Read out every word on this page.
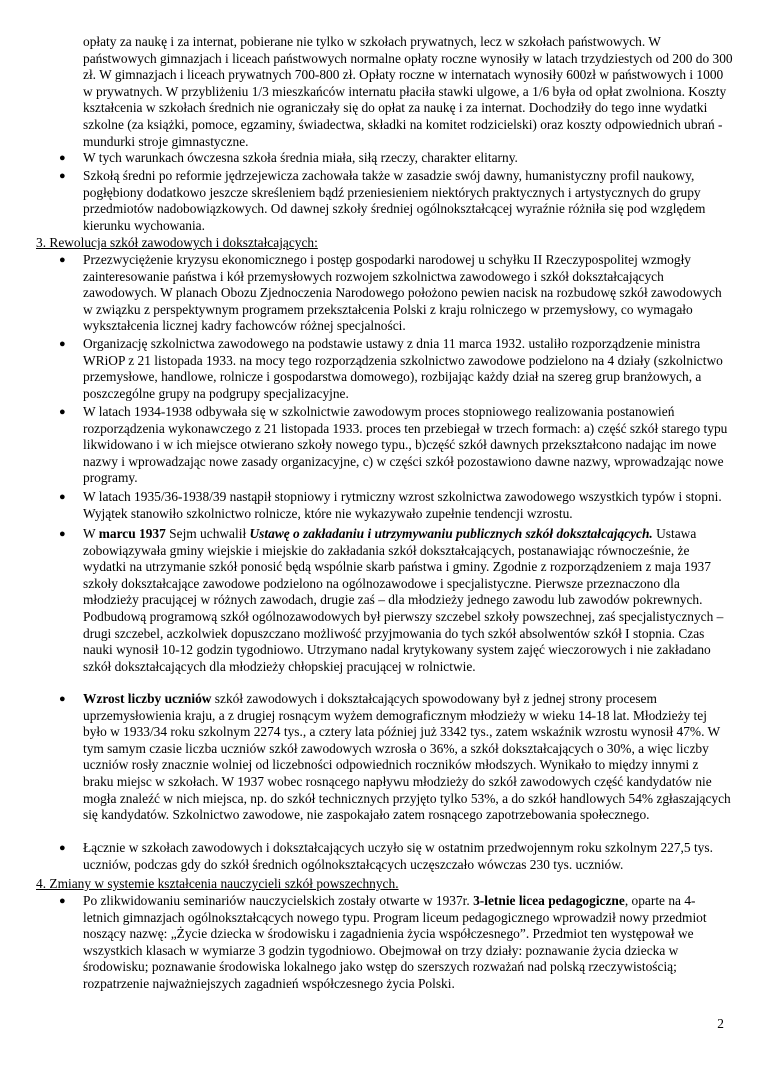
opłaty za naukę i za internat, pobierane nie tylko w szkołach prywatnych, lecz w szkołach państwowych. W państwowych gimnazjach i liceach państwowych normalne opłaty roczne wynosiły w latach trzydziestych od 200 do 300 zł. W gimnazjach i liceach prywatnych 700-800 zł. Opłaty roczne w internatach wynosiły 600zł w państwowych i 1000 w prywatnych. W przybliżeniu 1/3 mieszkańców internatu płaciła stawki ulgowe, a 1/6 była od opłat zwolniona. Koszty kształcenia w szkołach średnich nie ograniczały się do opłat za naukę i za internat. Dochodziły do tego inne wydatki szkolne (za książki, pomoce, egzaminy, świadectwa, składki na komitet rodzicielski) oraz koszty odpowiednich ubrań - mundurki stroje gimnastyczne.

● W tych warunkach ówczesna szkoła średnia miała, siłą rzeczy, charakter elitarny.

● Szkołą średni po reformie jędrzejewicza zachowała także w zasadzie swój dawny, humanistyczny profil naukowy, pogłębiony dodatkowo jeszcze skreśleniem bądź przeniesieniem niektórych praktycznych i artystycznych do grupy przedmiotów nadobowiązkowych. Od dawnej szkoły średniej ogólnokształcącej wyraźnie różniła się pod względem kierunku wychowania.

3. Rewolucja szkół zawodowych i dokształcających:

● Przezwyciężenie kryzysu ekonomicznego i postęp gospodarki narodowej u schyłku II Rzeczypospolitej wzmogły zainteresowanie państwa i kół przemysłowych rozwojem szkolnictwa zawodowego i szkół dokształcających zawodowych. W planach Obozu Zjednoczenia Narodowego położono pewien nacisk na rozbudowę szkół zawodowych w związku z perspektywnym programem przekształcenia Polski z kraju rolniczego w przemysłowy, co wymagało wykształcenia licznej kadry fachowców różnej specjalności.

● Organizację szkolnictwa zawodowego na podstawie ustawy z dnia 11 marca 1932. ustaliło rozporządzenie ministra WRiOP z 21 listopada 1933. na mocy tego rozporządzenia szkolnictwo zawodowe podzielono na 4 działy (szkolnictwo przemysłowe, handlowe, rolnicze i gospodarstwa domowego), rozbijając każdy dział na szereg grup branżowych, a poszczególne grupy na podgrupy specjalizacyjne.

● W latach 1934-1938 odbywała się w szkolnictwie zawodowym proces stopniowego realizowania postanowień rozporządzenia wykonawczego z 21 listopada 1933. proces ten przebiegał w trzech formach: a) część szkół starego typu likwidowano i w ich miejsce otwierano szkoły nowego typu., b)część szkół dawnych przekształcono nadając im nowe nazwy i wprowadzając nowe zasady organizacyjne, c) w części szkół pozostawiono dawne nazwy, wprowadzając nowe programy.

● W latach 1935/36-1938/39 nastąpił stopniowy i rytmiczny wzrost szkolnictwa zawodowego wszystkich typów i stopni. Wyjątek stanowiło szkolnictwo rolnicze, które nie wykazywało zupełnie tendencji wzrostu.

● W marcu 1937 Sejm uchwalił Ustawę o zakładaniu i utrzymywaniu publicznych szkół dokształcających. Ustawa zobowiązywała gminy wiejskie i miejskie do zakładania szkół dokształcających, postanawiając równocześnie, że wydatki na utrzymanie szkół ponosić będą wspólnie skarb państwa i gminy. Zgodnie z rozporządzeniem z maja 1937 szkoły dokształcające zawodowe podzielono na ogólnozawodowe i specjalistyczne. Pierwsze przeznaczono dla młodzieży pracującej w różnych zawodach, drugie zaś – dla młodzieży jednego zawodu lub zawodów pokrewnych. Podbudową programową szkół ogólnozawodowych był pierwszy szczebel szkoły powszechnej, zaś specjalistycznych – drugi szczebel, aczkolwiek dopuszczano możliwość przyjmowania do tych szkół absolwentów szkół I stopnia. Czas nauki wynosił 10-12 godzin tygodniowo. Utrzymano nadal krytykowany system zajęć wieczorowych i nie zakładano szkół dokształcających dla młodzieży chłopskiej pracującej w rolnictwie.

● Wzrost liczby uczniów szkół zawodowych i dokształcających spowodowany był z jednej strony procesem uprzemysłowienia kraju, a z drugiej rosnącym wyżem demograficznym młodzieży w wieku 14-18 lat. Młodzieży tej było w 1933/34 roku szkolnym 2274 tys., a cztery lata później już 3342 tys., zatem wskaźnik wzrostu wynosił 47%. W tym samym czasie liczba uczniów szkół zawodowych wzrosła o 36%, a szkół dokształcających o 30%, a więc liczby uczniów rosły znacznie wolniej od liczebności odpowiednich roczników młodszych. Wynikało to między innymi z braku miejsc w szkołach. W 1937 wobec rosnącego napływu młodzieży do szkół zawodowych część kandydatów nie mogła znaleźć w nich miejsca, np. do szkół technicznych przyjęto tylko 53%, a do szkół handlowych 54% zgłaszających się kandydatów. Szkolnictwo zawodowe, nie zaspokajało zatem rosnącego zapotrzebowania społecznego.

● Łącznie w szkołach zawodowych i dokształcających uczyło się w ostatnim przedwojennym roku szkolnym 227,5 tys. uczniów, podczas gdy do szkół średnich ogólnokształcących uczęszczało wówczas 230 tys. uczniów.

4. Zmiany w systemie kształcenia nauczycieli szkół powszechnych.

● Po zlikwidowaniu seminariów nauczycielskich zostały otwarte w 1937r. 3-letnie licea pedagogiczne, oparte na 4-letnich gimnazjach ogólnokształcących nowego typu. Program liceum pedagogicznego wprowadził nowy przedmiot noszący nazwę: „Życie dziecka w środowisku i zagadnienia życia współczesnego”. Przedmiot ten występował we wszystkich klasach w wymiarze 3 godzin tygodniowo. Obejmował on trzy działy: poznawanie życia dziecka w środowisku; poznawanie środowiska lokalnego jako wstęp do szerszych rozważań nad polską rzeczywistością; rozpatrzenie najważniejszych zagadnień współczesnego życia Polski.

2
